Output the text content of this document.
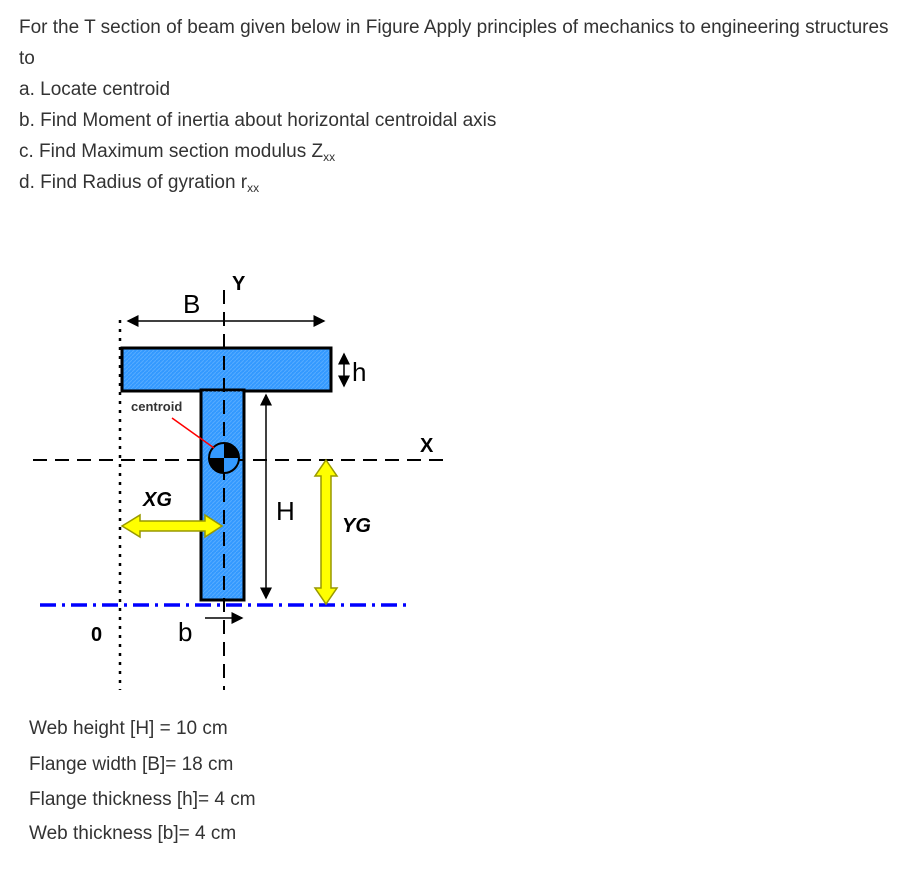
For the T section of beam given below in Figure Apply principles of mechanics to engineering structures to

a. Locate centroid
b. Find Moment of inertia about horizontal centroidal axis
c. Find Maximum section modulus $Z_{xx}$
d. Find Radius of gyration $r_{xx}$
B
Y
h
centroid
X
XG	H YG
0	b
Web height [H] = 10 cm
Flange width [B]= 18 cm
Flange thickness [h]= 4 cm
Web thickness [b]= 4 cm
